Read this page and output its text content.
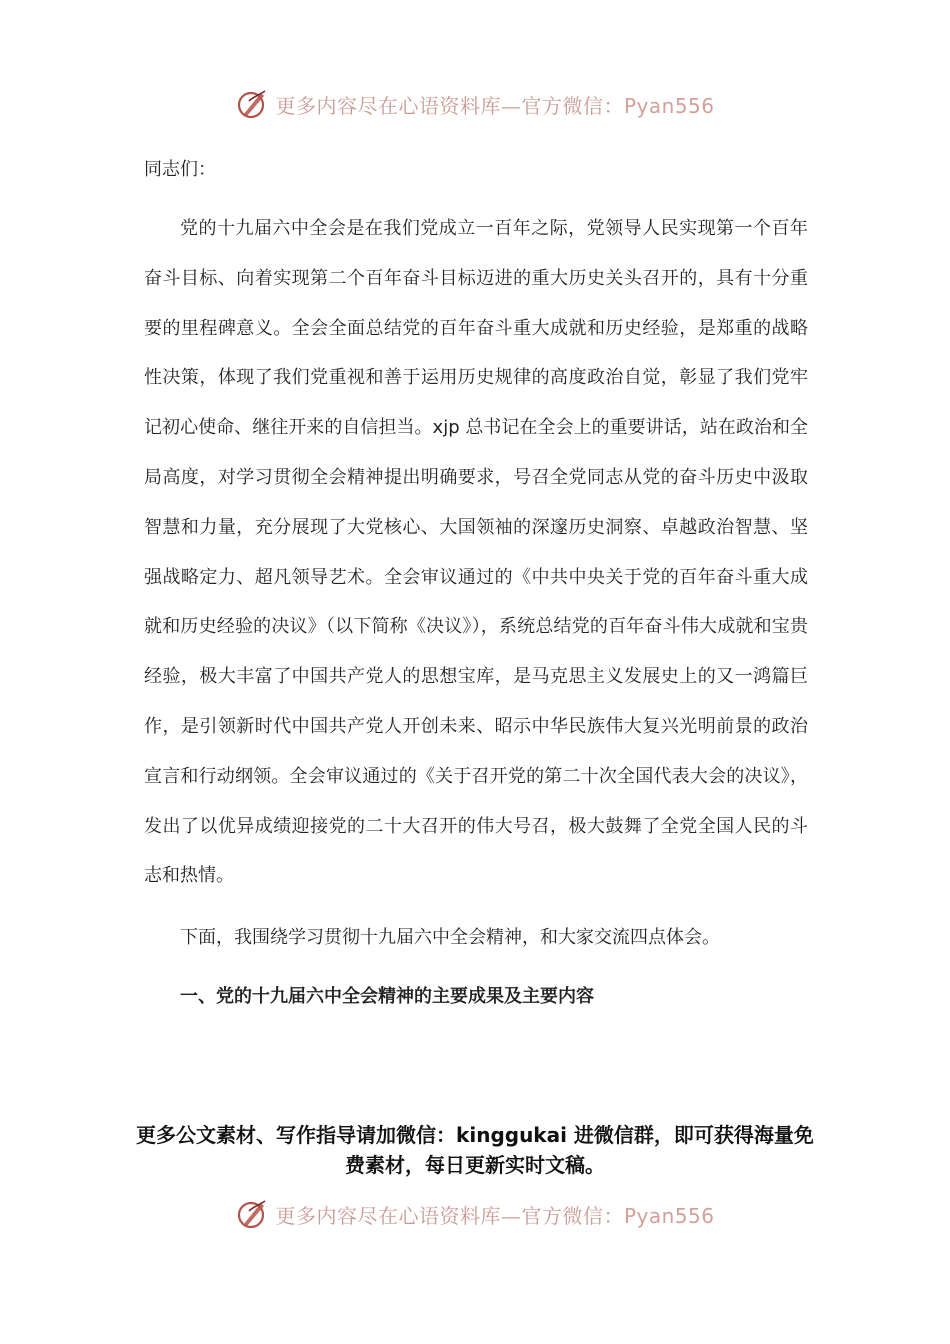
更多内容尽在心语资料库—官方微信：Pyan556

同志们：

党的十九届六中全会是在我们党成立一百年之际，党领导人民实现第一个百年奋斗目标、向着实现第二个百年奋斗目标迈进的重大历史关头召开的，具有十分重要的里程碑意义。全会全面总结党的百年奋斗重大成就和历史经验，是郑重的战略性决策，体现了我们党重视和善于运用历史规律的高度政治自觉，彰显了我们党牢记初心使命、继往开来的自信担当。xjp 总书记在全会上的重要讲话，站在政治和全局高度，对学习贯彻全会精神提出明确要求，号召全党同志从党的奋斗历史中汲取智慧和力量，充分展现了大党核心、大国领袖的深邃历史洞察、卓越政治智慧、坚强战略定力、超凡领导艺术。全会审议通过的《中共中央关于党的百年奋斗重大成就和历史经验的决议》（以下简称《决议》），系统总结党的百年奋斗伟大成就和宝贵经验，极大丰富了中国共产党人的思想宝库，是马克思主义发展史上的又一鸿篇巨作，是引领新时代中国共产党人开创未来、昭示中华民族伟大复兴光明前景的政治宣言和行动纲领。全会审议通过的《关于召开党的第二十次全国代表大会的决议》，发出了以优异成绩迎接党的二十大召开的伟大号召，极大鼓舞了全党全国人民的斗志和热情。

下面，我围绕学习贯彻十九届六中全会精神，和大家交流四点体会。

一、党的十九届六中全会精神的主要成果及主要内容

更多公文素材、写作指导请加微信：kinggukai 进微信群，即可获得海量免费素材，每日更新实时文稿。
更多内容尽在心语资料库—官方微信：Pyan556
